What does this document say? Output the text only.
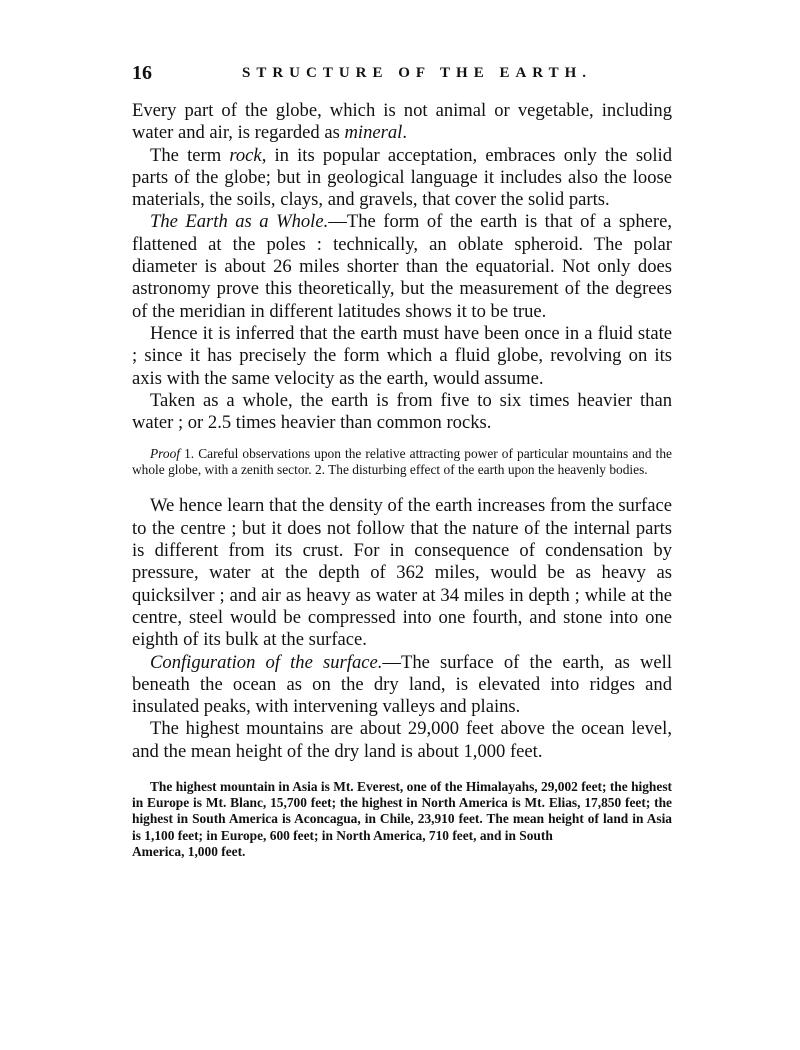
16	STRUCTURE OF THE EARTH.

Every part of the globe, which is not animal or vegetable, including water and air, is regarded as mineral.

The term rock, in its popular acceptation, embraces only the solid parts of the globe; but in geological language it includes also the loose materials, the soils, clays, and gravels, that cover the solid parts.

The Earth as a Whole.—The form of the earth is that of a sphere, flattened at the poles : technically, an oblate spheroid. The polar diameter is about 26 miles shorter than the equatorial. Not only does astronomy prove this theoretically, but the measurement of the degrees of the meridian in different latitudes shows it to be true.

Hence it is inferred that the earth must have been once in a fluid state ; since it has precisely the form which a fluid globe, revolving on its axis with the same velocity as the earth, would assume.

Taken as a whole, the earth is from five to six times heavier than water ; or 2.5 times heavier than common rocks.

Proof 1. Careful observations upon the relative attracting power of particular mountains and the whole globe, with a zenith sector. 2. The disturbing effect of the earth upon the heavenly bodies.

We hence learn that the density of the earth increases from the surface to the centre ; but it does not follow that the nature of the internal parts is different from its crust. For in consequence of condensation by pressure, water at the depth of 362 miles, would be as heavy as quicksilver ; and air as heavy as water at 34 miles in depth ; while at the centre, steel would be compressed into one fourth, and stone into one eighth of its bulk at the surface.

Configuration of the surface.—The surface of the earth, as well beneath the ocean as on the dry land, is elevated into ridges and insulated peaks, with intervening valleys and plains.

The highest mountains are about 29,000 feet above the ocean level, and the mean height of the dry land is about 1,000 feet.

The highest mountain in Asia is Mt. Everest, one of the Himalayahs, 29,002 feet; the highest in Europe is Mt. Blanc, 15,700 feet; the highest in North America is Mt. Elias, 17,850 feet; the highest in South America is Aconcagua, in Chile, 23,910 feet. The mean height of land in Asia is 1,100 feet; in Europe, 600 feet; in North America, 710 feet, and in South

America, 1,000 feet.
